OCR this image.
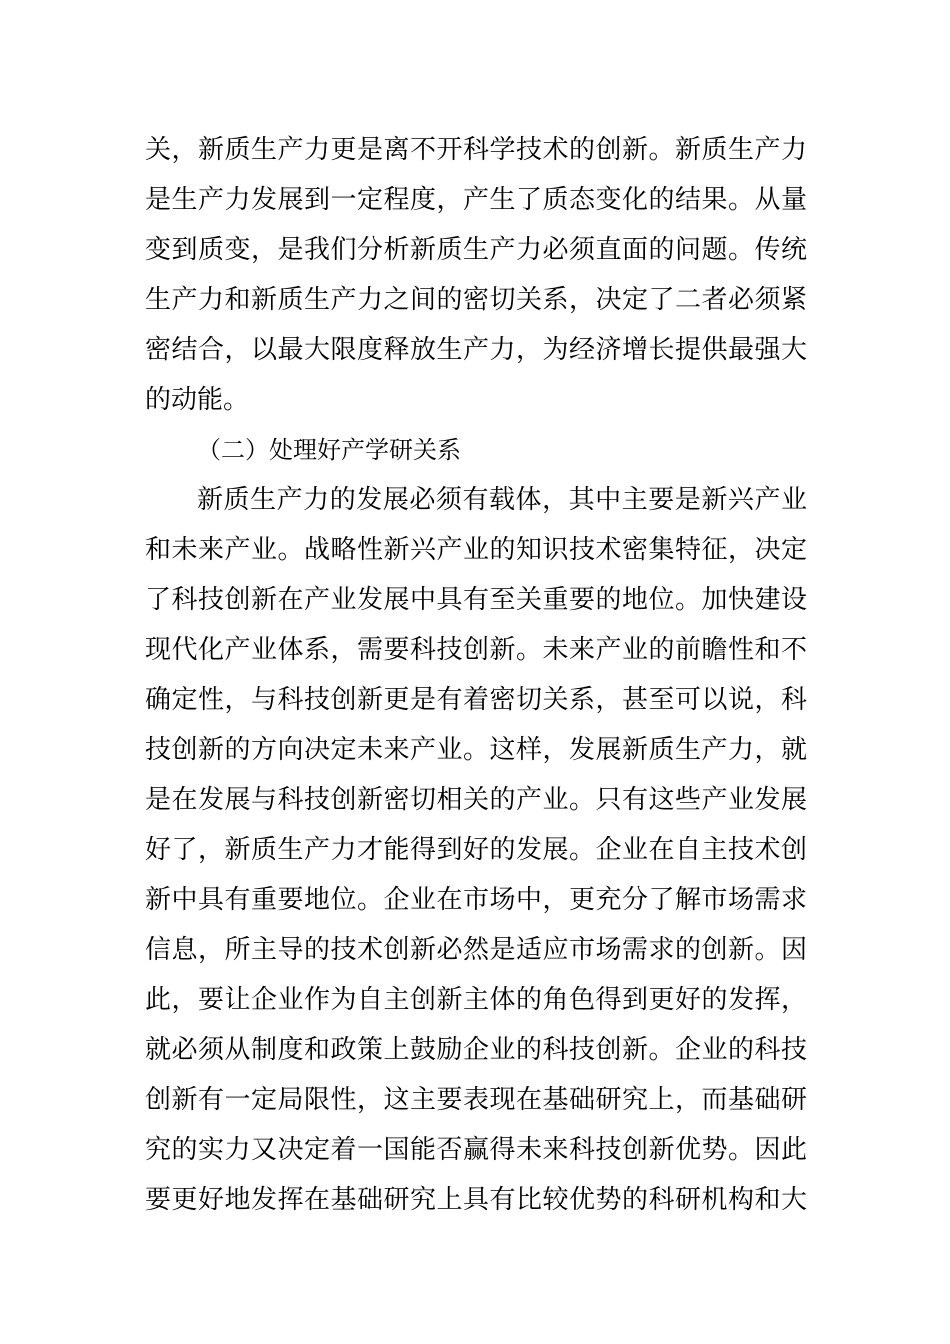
关，新质生产力更是离不开科学技术的创新。新质生产力
是生产力发展到一定程度，产生了质态变化的结果。从量
变到质变，是我们分析新质生产力必须直面的问题。传统
生产力和新质生产力之间的密切关系，决定了二者必须紧
密结合，以最大限度释放生产力，为经济增长提供最强大
的动能。
（二）处理好产学研关系
新质生产力的发展必须有载体，其中主要是新兴产业
和未来产业。战略性新兴产业的知识技术密集特征，决定
了科技创新在产业发展中具有至关重要的地位。加快建设
现代化产业体系，需要科技创新。未来产业的前瞻性和不
确定性，与科技创新更是有着密切关系，甚至可以说，科
技创新的方向决定未来产业。这样，发展新质生产力，就
是在发展与科技创新密切相关的产业。只有这些产业发展
好了，新质生产力才能得到好的发展。企业在自主技术创
新中具有重要地位。企业在市场中，更充分了解市场需求
信息，所主导的技术创新必然是适应市场需求的创新。因
此，要让企业作为自主创新主体的角色得到更好的发挥，
就必须从制度和政策上鼓励企业的科技创新。企业的科技
创新有一定局限性，这主要表现在基础研究上，而基础研
究的实力又决定着一国能否赢得未来科技创新优势。因此
要更好地发挥在基础研究上具有比较优势的科研机构和大
